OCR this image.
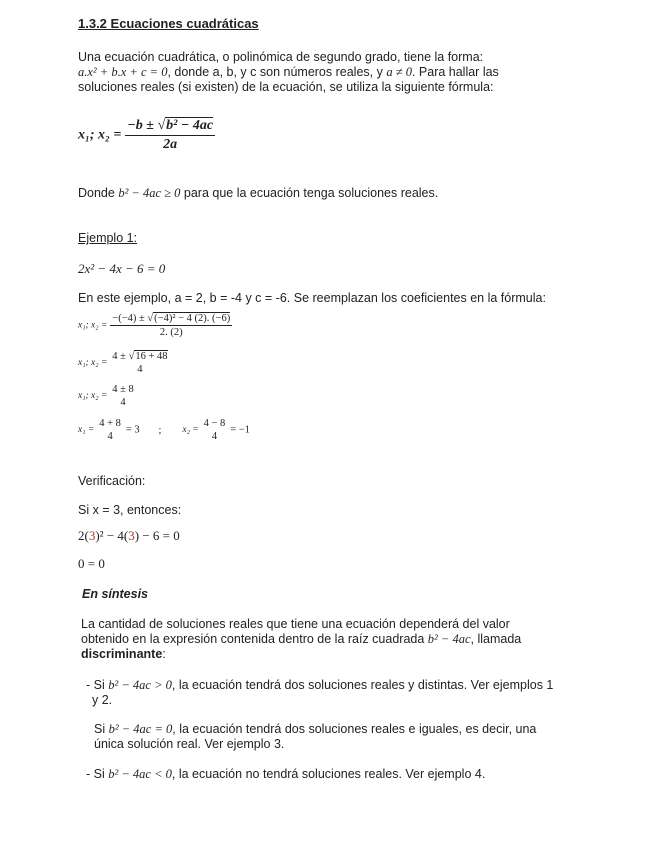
1.3.2 Ecuaciones cuadráticas
Una ecuación cuadrática, o polinómica de segundo grado, tiene la forma:
a.x² + b.x + c = 0, donde a, b, y c son números reales, y a ≠ 0. Para hallar las
soluciones reales (si existen) de la ecuación, se utiliza la siguiente fórmula:
x₁; $x_2 = \frac{\text{−b ± √b² − 4ac}}{2a}$
Donde b² − 4ac ≥ 0 para que la ecuación tenga soluciones reales.
Ejemplo 1:
2x² − 4x − 6 = 0
En este ejemplo, a = 2, b = -4 y c = -6. Se reemplazan los coeficientes en la fórmula:
x₁; $x_2 = \frac{\text{−(−4) ± √(−4)² − 4 (2). (−6)}}{2. (2)}$
x₁; x₂ =
4 ± √16 + 48
4
x₁; x₂ =
4 ± 8
4
x₁ =
4 + 8
4
= 3 ; x₂ =
4 − 8
4
= −1
Verificación:
Si x = 3, entonces:
2(3)² − 4(3) − 6 = 0
0 = 0
En síntesis
La cantidad de soluciones reales que tiene una ecuación dependerá del valor
obtenido en la expresión contenida dentro de la raíz cuadrada b² − 4ac, llamada
discriminante:
- Si b² − 4ac > 0, la ecuación tendrá dos soluciones reales y distintas. Ver ejemplos 1
y 2.
Si b² − 4ac = 0, la ecuación tendrá dos soluciones reales e iguales, es decir, una
única solución real. Ver ejemplo 3.
- Si b² − 4ac < 0, la ecuación no tendrá soluciones reales. Ver ejemplo 4.
